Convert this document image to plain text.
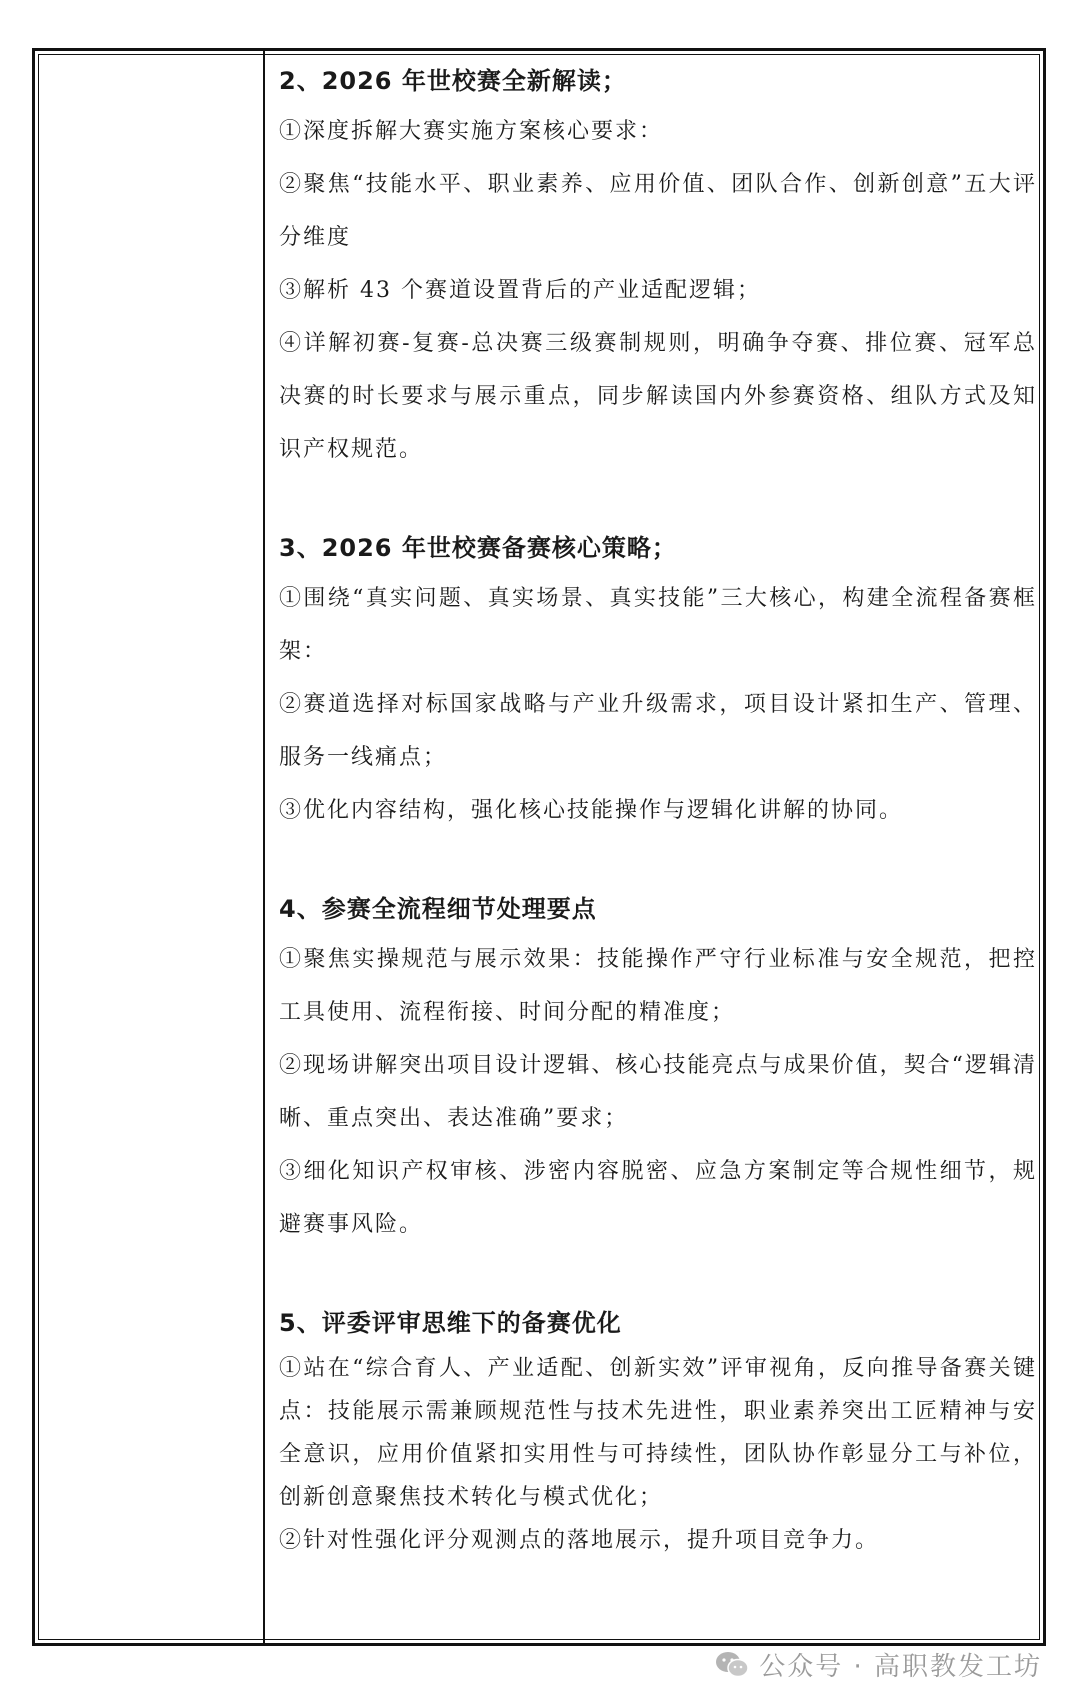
2、2026 年世校赛全新解读；

①深度拆解大赛实施方案核心要求：

②聚焦“技能水平、职业素养、应用价值、团队合作、创新创意”五大评分维度

③解析 43 个赛道设置背后的产业适配逻辑；

④详解初赛-复赛-总决赛三级赛制规则，明确争夺赛、排位赛、冠军总决赛的时长要求与展示重点，同步解读国内外参赛资格、组队方式及知识产权规范。

3、2026 年世校赛备赛核心策略；

①围绕“真实问题、真实场景、真实技能”三大核心，构建全流程备赛框架：

②赛道选择对标国家战略与产业升级需求，项目设计紧扣生产、管理、服务一线痛点；

③优化内容结构，强化核心技能操作与逻辑化讲解的协同。

4、参赛全流程细节处理要点

①聚焦实操规范与展示效果：技能操作严守行业标准与安全规范，把控工具使用、流程衔接、时间分配的精准度；

②现场讲解突出项目设计逻辑、核心技能亮点与成果价值，契合“逻辑清晰、重点突出、表达准确”要求；

③细化知识产权审核、涉密内容脱密、应急方案制定等合规性细节，规避赛事风险。

5、评委评审思维下的备赛优化

①站在“综合育人、产业适配、创新实效”评审视角，反向推导备赛关键点：技能展示需兼顾规范性与技术先进性，职业素养突出工匠精神与安全意识，应用价值紧扣实用性与可持续性，团队协作彰显分工与补位，创新创意聚焦技术转化与模式优化；

②针对性强化评分观测点的落地展示，提升项目竞争力。

公众号 · 高职教发工坊
